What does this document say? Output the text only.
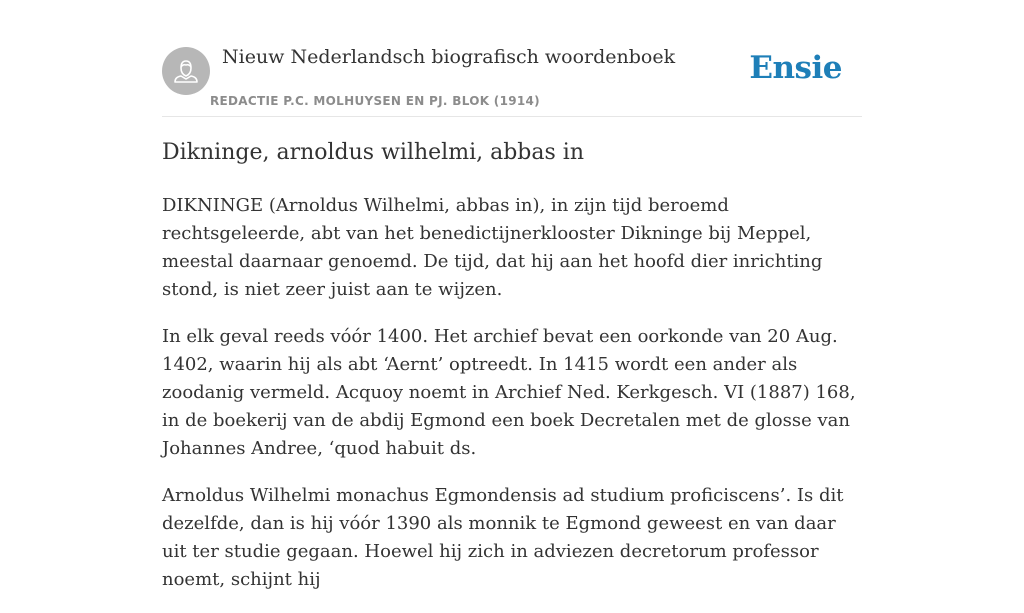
Nieuw Nederlandsch biografisch woordenboek
REDACTIE P.C. MOLHUYSEN EN PJ. BLOK (1914)
Ensie
Dikninge, arnoldus wilhelmi, abbas in

DIKNINGE (Arnoldus Wilhelmi, abbas in), in zijn tijd beroemd rechtsgeleerde, abt van het benedictijnerklooster Dikninge bij Meppel, meestal daarnaar genoemd. De tijd, dat hij aan het hoofd dier inrichting stond, is niet zeer juist aan te wijzen.

In elk geval reeds vóór 1400. Het archief bevat een oorkonde van 20 Aug. 1402, waarin hij als abt ‘Aernt’ optreedt. In 1415 wordt een ander als zoodanig vermeld. Acquoy noemt in Archief Ned. Kerkgesch. VI (1887) 168, in de boekerij van de abdij Egmond een boek Decretalen met de glosse van Johannes Andree, ‘quod habuit ds.

Arnoldus Wilhelmi monachus Egmondensis ad studium proficiscens’. Is dit dezelfde, dan is hij vóór 1390 als monnik te Egmond geweest en van daar uit ter studie gegaan. Hoewel hij zich in adviezen decretorum professor noemt, schijnt hij
